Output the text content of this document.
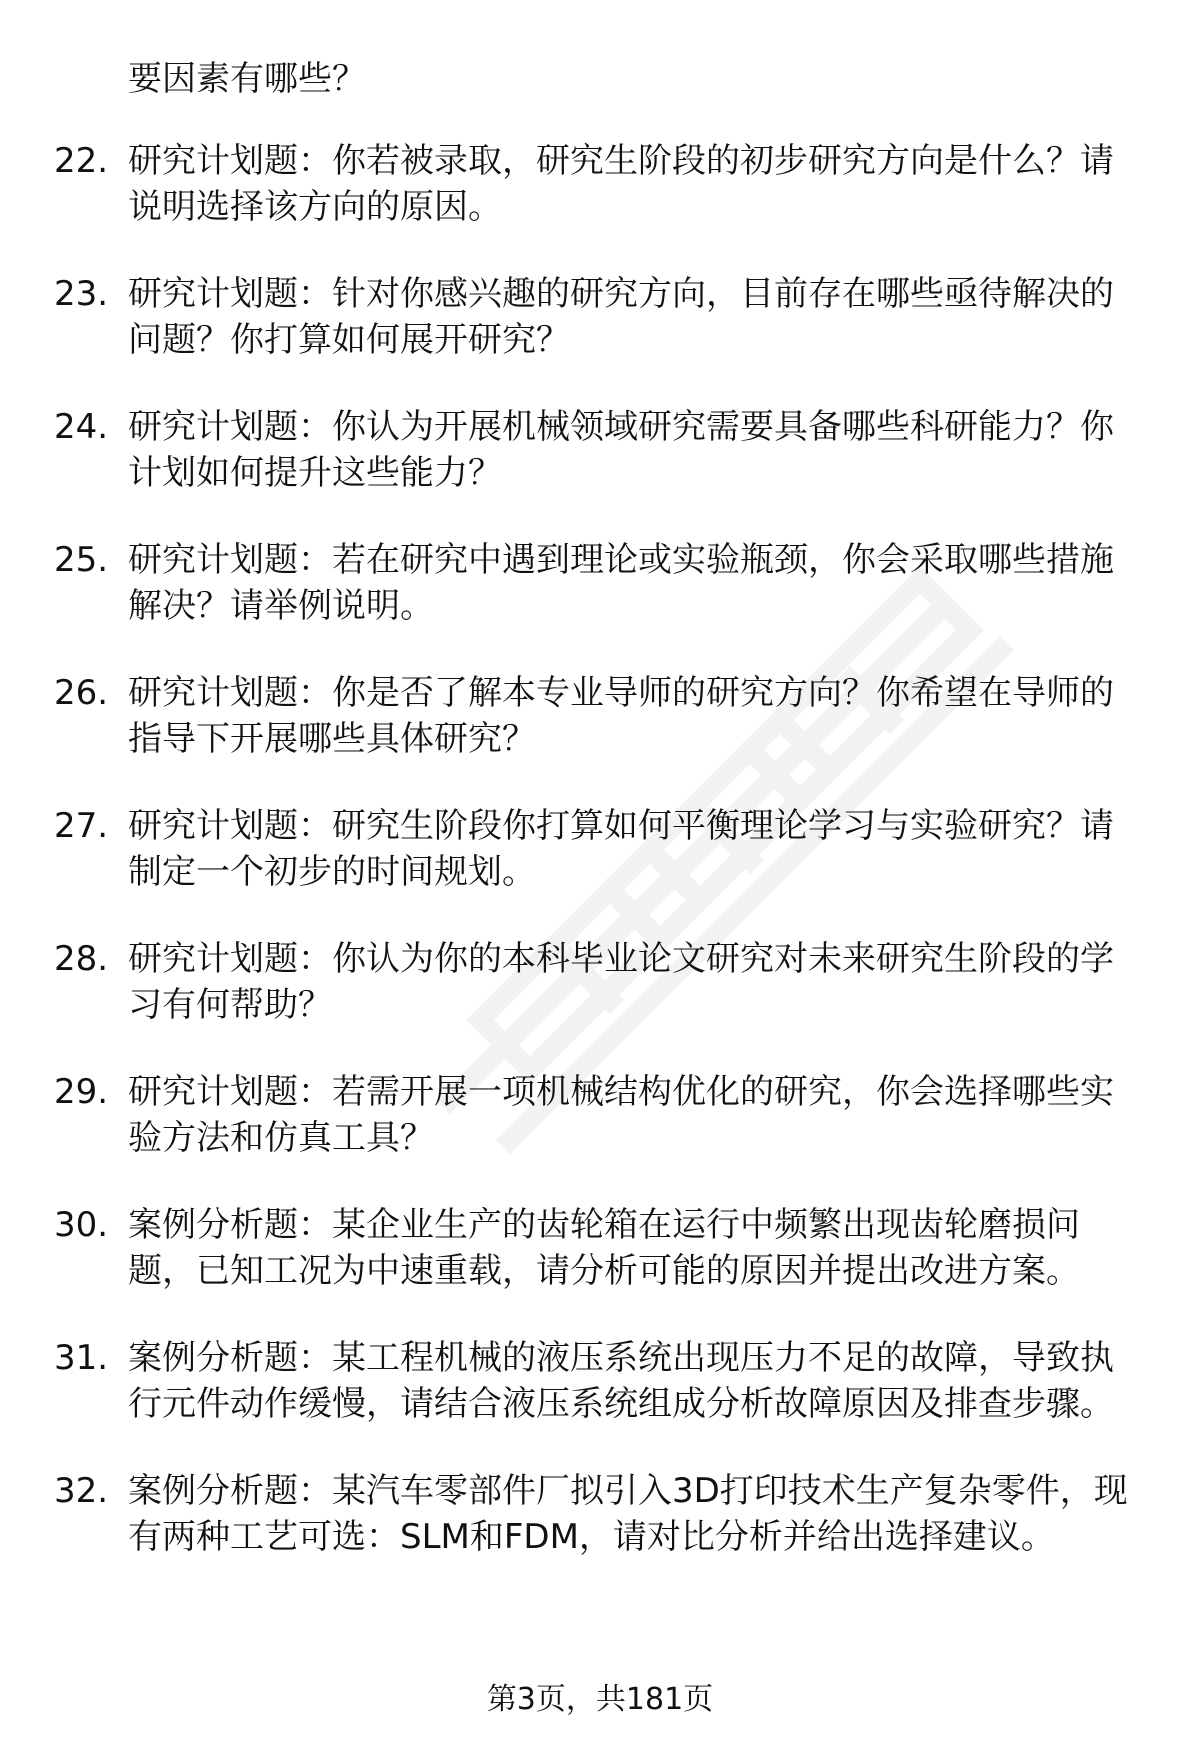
要因素有哪些？

22. 研究计划题：你若被录取，研究生阶段的初步研究方向是什么？请说明选择该方向的原因。
23. 研究计划题：针对你感兴趣的研究方向，目前存在哪些亟待解决的问题？你打算如何展开研究？
24. 研究计划题：你认为开展机械领域研究需要具备哪些科研能力？你计划如何提升这些能力？
25. 研究计划题：若在研究中遇到理论或实验瓶颈，你会采取哪些措施解决？请举例说明。
26. 研究计划题：你是否了解本专业导师的研究方向？你希望在导师的指导下开展哪些具体研究？
27. 研究计划题：研究生阶段你打算如何平衡理论学习与实验研究？请制定一个初步的时间规划。
28. 研究计划题：你认为你的本科毕业论文研究对未来研究生阶段的学习有何帮助？
29. 研究计划题：若需开展一项机械结构优化的研究，你会选择哪些实验方法和仿真工具？
30. 案例分析题：某企业生产的齿轮箱在运行中频繁出现齿轮磨损问题，已知工况为中速重载，请分析可能的原因并提出改进方案。
31. 案例分析题：某工程机械的液压系统出现压力不足的故障，导致执行元件动作缓慢，请结合液压系统组成分析故障原因及排查步骤。
32. 案例分析题：某汽车零部件厂拟引入3D打印技术生产复杂零件，现有两种工艺可选：SLM和FDM，请对比分析并给出选择建议。
第3页，共181页
